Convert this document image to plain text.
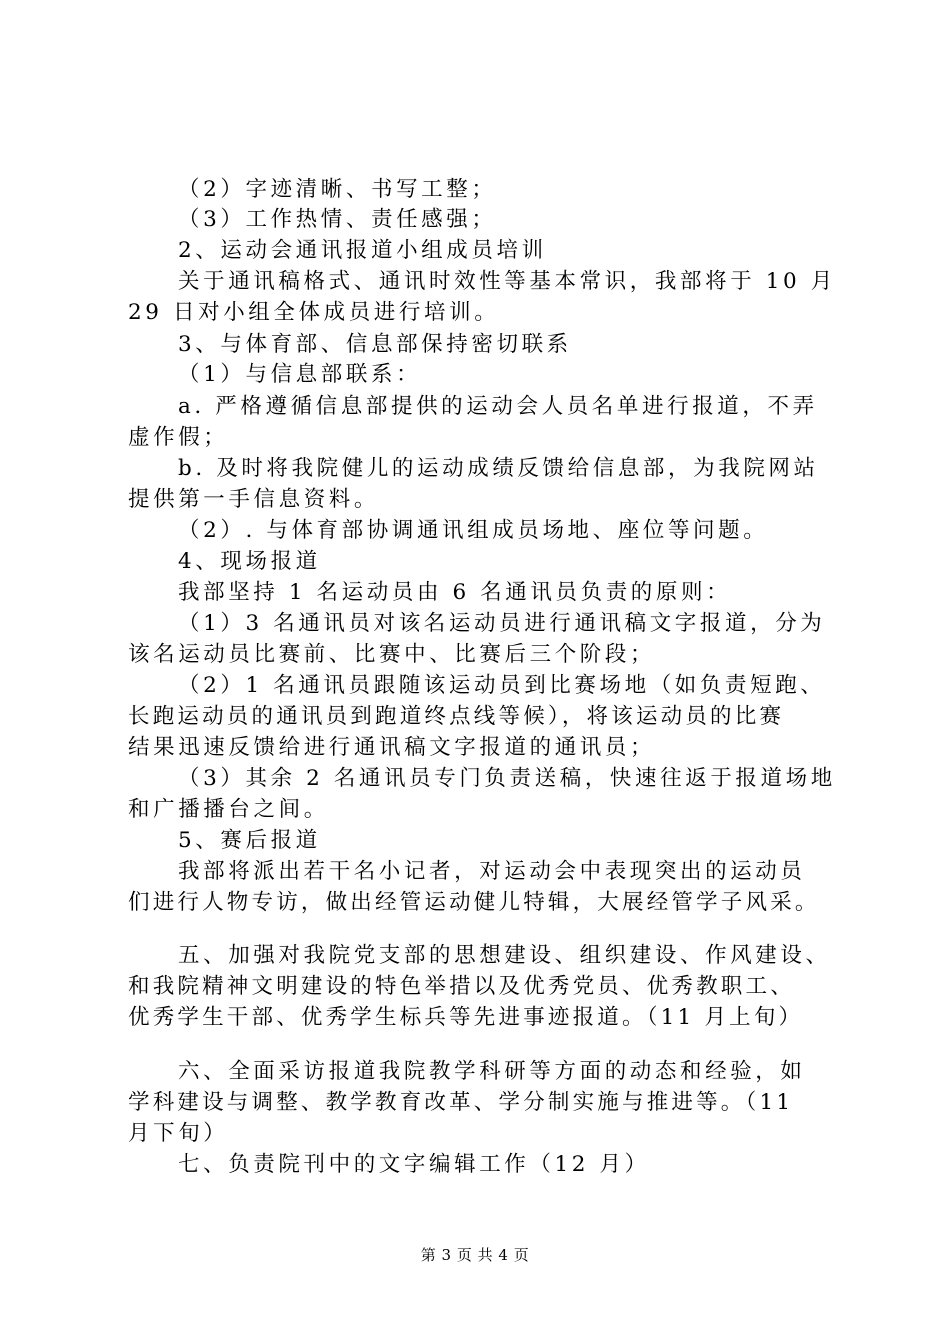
（2）字迹清晰、书写工整；
（3）工作热情、责任感强；
2、运动会通讯报道小组成员培训
关于通讯稿格式、通讯时效性等基本常识，我部将于 10 月
29 日对小组全体成员进行培训。
3、与体育部、信息部保持密切联系
（1）与信息部联系：
a. 严格遵循信息部提供的运动会人员名单进行报道，不弄
虚作假；
b. 及时将我院健儿的运动成绩反馈给信息部，为我院网站
提供第一手信息资料。
（2）. 与体育部协调通讯组成员场地、座位等问题。
4、现场报道
我部坚持 1 名运动员由 6 名通讯员负责的原则：
（1）3 名通讯员对该名运动员进行通讯稿文字报道，分为
该名运动员比赛前、比赛中、比赛后三个阶段；
（2）1 名通讯员跟随该运动员到比赛场地（如负责短跑、
长跑运动员的通讯员到跑道终点线等候），将该运动员的比赛
结果迅速反馈给进行通讯稿文字报道的通讯员；
（3）其余 2 名通讯员专门负责送稿，快速往返于报道场地
和广播播台之间。
5、赛后报道
我部将派出若干名小记者，对运动会中表现突出的运动员
们进行人物专访，做出经管运动健儿特辑，大展经管学子风采。
五、加强对我院党支部的思想建设、组织建设、作风建设、
和我院精神文明建设的特色举措以及优秀党员、优秀教职工、
优秀学生干部、优秀学生标兵等先进事迹报道。（11 月上旬）
六、全面采访报道我院教学科研等方面的动态和经验，如
学科建设与调整、教学教育改革、学分制实施与推进等。（11
月下旬）
七、负责院刊中的文字编辑工作（12 月）
第 3 页 共 4 页
